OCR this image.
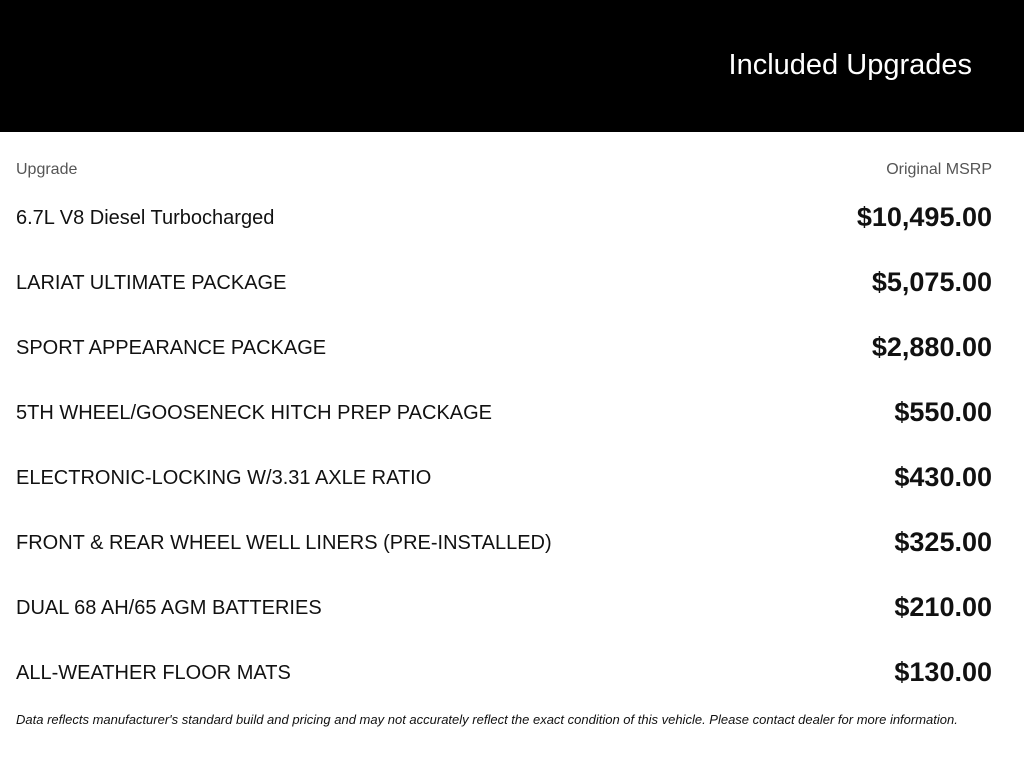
Included Upgrades
Upgrade	Original MSRP
6.7L V8 Diesel Turbocharged	$10,495.00
LARIAT ULTIMATE PACKAGE	$5,075.00
SPORT APPEARANCE PACKAGE	$2,880.00
5TH WHEEL/GOOSENECK HITCH PREP PACKAGE	$550.00
ELECTRONIC-LOCKING W/3.31 AXLE RATIO	$430.00
FRONT & REAR WHEEL WELL LINERS (PRE-INSTALLED)	$325.00
DUAL 68 AH/65 AGM BATTERIES	$210.00
ALL-WEATHER FLOOR MATS	$130.00
Data reflects manufacturer's standard build and pricing and may not accurately reflect the exact condition of this vehicle. Please contact dealer for more information.
